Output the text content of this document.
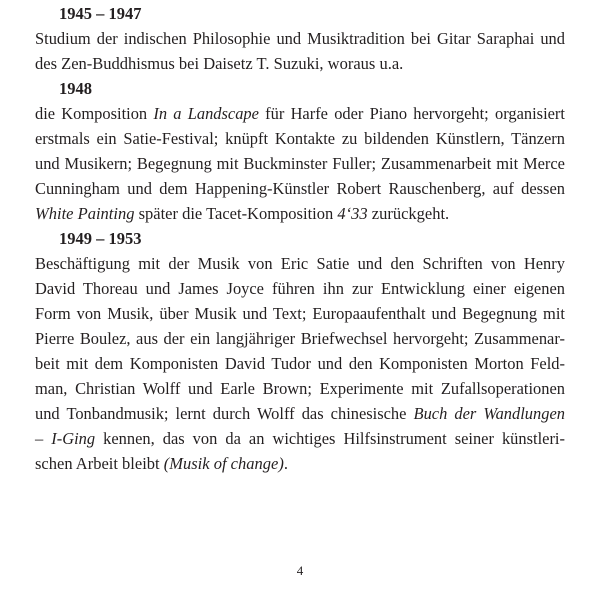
1945 – 1947
Studium der indischen Philosophie und Musiktradition bei Gitar Saraphai und
des Zen-Buddhismus bei Daisetz T. Suzuki, woraus u.a.
1948
die Komposition In a Landscape für Harfe oder Piano hervorgeht; organisiert
erstmals ein Satie-Festival; knüpft Kontakte zu bildenden Künstlern, Tänzern
und Musikern; Begegnung mit Buckminster Fuller; Zusammenarbeit mit Merce
Cunningham und dem Happening-Künstler Robert Rauschenberg, auf dessen
White Painting später die Tacet-Komposition 4‘33 zurückgeht.
1949 – 1953
Beschäftigung mit der Musik von Eric Satie und den Schriften von Henry
David Thoreau und James Joyce führen ihn zur Entwicklung einer eigenen
Form von Musik, über Musik und Text; Europaaufenthalt und Begegnung mit
Pierre Boulez, aus der ein langjähriger Briefwechsel hervorgeht; Zusammenar-
beit mit dem Komponisten David Tudor und den Komponisten Morton Feld-
man, Christian Wolff und Earle Brown; Experimente mit Zufallsoperationen
und Tonbandmusik; lernt durch Wolff das chinesische Buch der Wandlungen
– I-Ging kennen, das von da an wichtiges Hilfsinstrument seiner künstleri-
schen Arbeit bleibt (Musik of change).
4
